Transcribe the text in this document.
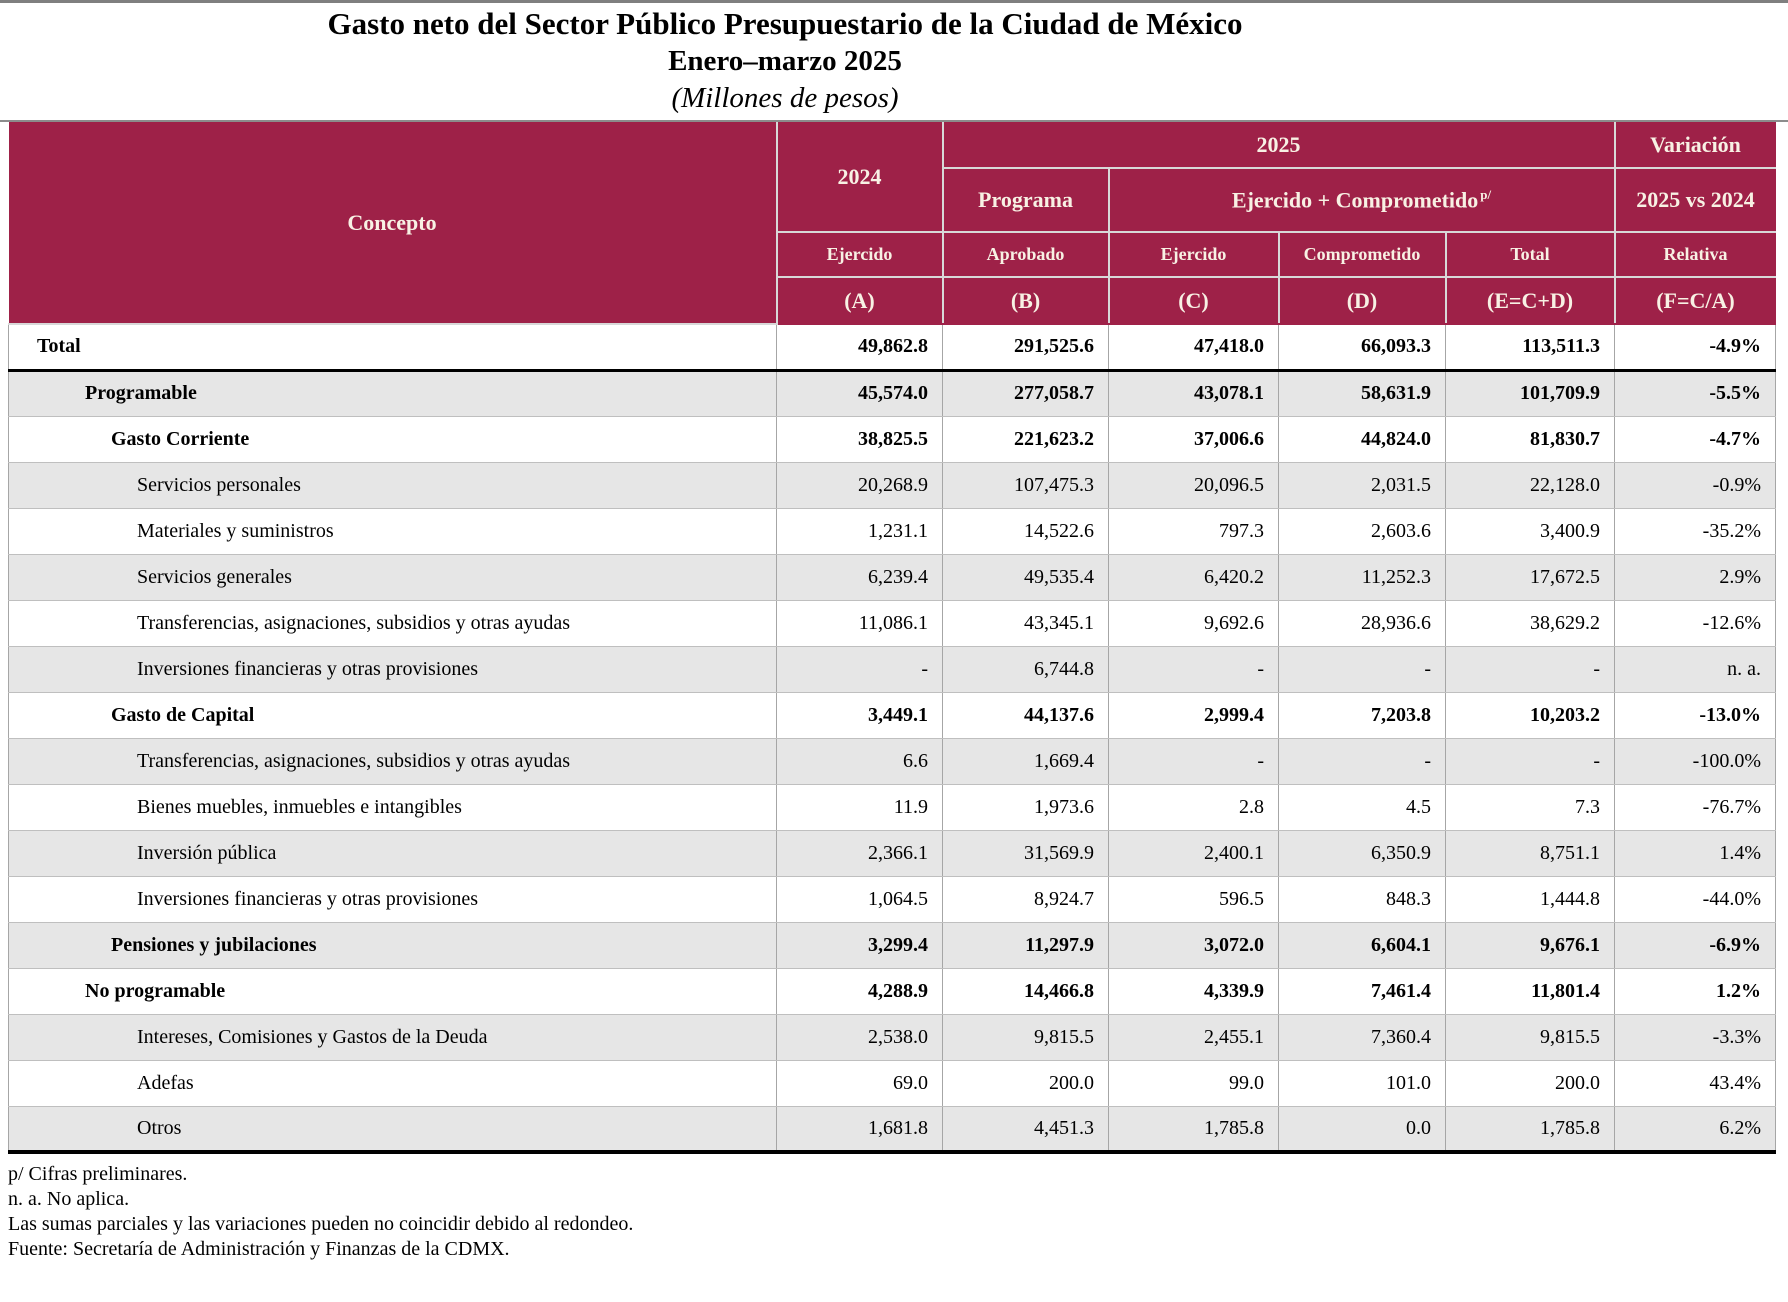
Gasto neto del Sector Público Presupuestario de la Ciudad de México
Enero–marzo 2025
(Millones de pesos)
Concepto	2024	2025				Variación
		Programa	Ejercido + Comprometido $^{p/}$			2025 vs 2024
	Ejercido	Aprobado	Ejercido	Comprometido	Total	Relativa
	(A)	(B)	(C)	(D)	(E=C+D)	(F=C/A)
Total	49,862.8	291,525.6	47,418.0	66,093.3	113,511.3	-4.9%
Programable	45,574.0	277,058.7	43,078.1	58,631.9	101,709.9	-5.5%
Gasto Corriente	38,825.5	221,623.2	37,006.6	44,824.0	81,830.7	-4.7%
Servicios personales	20,268.9	107,475.3	20,096.5	2,031.5	22,128.0	-0.9%
Materiales y suministros	1,231.1	14,522.6	797.3	2,603.6	3,400.9	-35.2%
Servicios generales	6,239.4	49,535.4	6,420.2	11,252.3	17,672.5	2.9%
Transferencias, asignaciones, subsidios y otras ayudas	11,086.1	43,345.1	9,692.6	28,936.6	38,629.2	-12.6%
Inversiones financieras y otras provisiones	-	6,744.8	-	-	-	n. a.
Gasto de Capital	3,449.1	44,137.6	2,999.4	7,203.8	10,203.2	-13.0%
Transferencias, asignaciones, subsidios y otras ayudas	6.6	1,669.4	-	-	-	-100.0%
Bienes muebles, inmuebles e intangibles	11.9	1,973.6	2.8	4.5	7.3	-76.7%
Inversión pública	2,366.1	31,569.9	2,400.1	6,350.9	8,751.1	1.4%
Inversiones financieras y otras provisiones	1,064.5	8,924.7	596.5	848.3	1,444.8	-44.0%
Pensiones y jubilaciones	3,299.4	11,297.9	3,072.0	6,604.1	9,676.1	-6.9%
No programable	4,288.9	14,466.8	4,339.9	7,461.4	11,801.4	1.2%
Intereses, Comisiones y Gastos de la Deuda	2,538.0	9,815.5	2,455.1	7,360.4	9,815.5	-3.3%
Adefas	69.0	200.0	99.0	101.0	200.0	43.4%
Otros	1,681.8	4,451.3	1,785.8	0.0	1,785.8	6.2%
p/ Cifras preliminares.
n. a. No aplica.
Las sumas parciales y las variaciones pueden no coincidir debido al redondeo.
Fuente: Secretaría de Administración y Finanzas de la CDMX.
